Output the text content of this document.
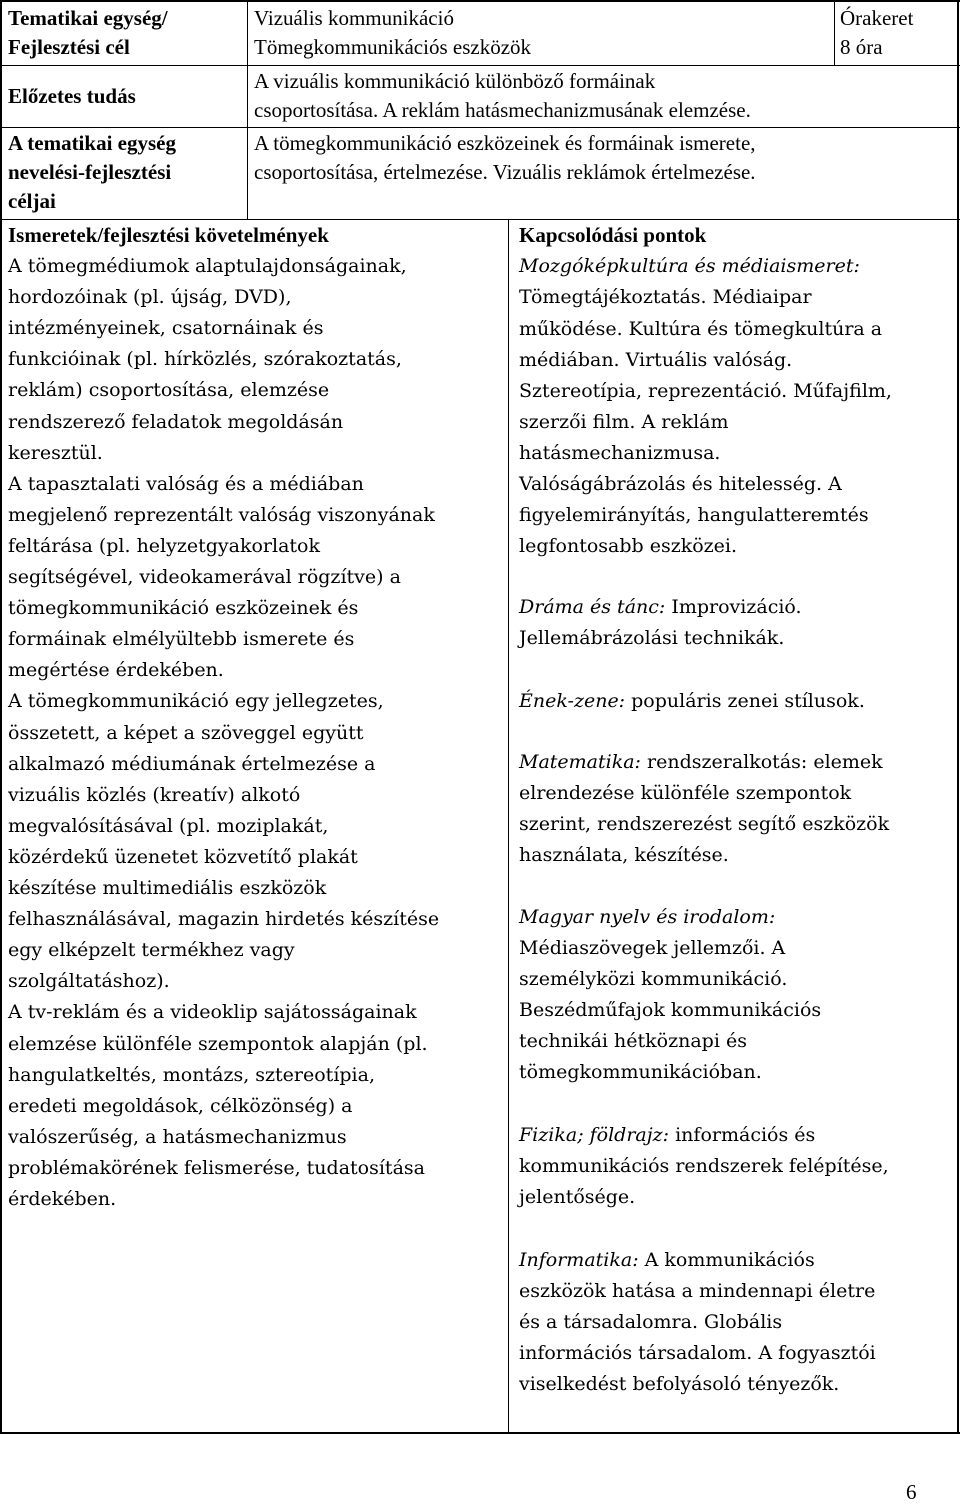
Tematikai egység/
Fejlesztési cél
Vizuális kommunikáció
Tömegkommunikációs eszközök
Órakeret
8 óra
Előzetes tudás
A vizuális kommunikáció különböző formáinak
csoportosítása. A reklám hatásmechanizmusának elemzése.
A tematikai egység
nevelési-fejlesztési
céljai
A tömegkommunikáció eszközeinek és formáinak ismerete,
csoportosítása, értelmezése. Vizuális reklámok értelmezése.
Ismeretek/fejlesztési követelmények	Kapcsolódási pontok
A tömegmédiumok alaptulajdonságainak,
hordozóinak (pl. újság, DVD),
intézményeinek, csatornáinak és
funkcióinak (pl. hírközlés, szórakoztatás,
reklám) csoportosítása, elemzése
rendszerező feladatok megoldásán
keresztül.
A tapasztalati valóság és a médiában
megjelenő reprezentált valóság viszonyának
feltárása (pl. helyzetgyakorlatok
segítségével, videokamerával rögzítve) a
tömegkommunikáció eszközeinek és
formáinak elmélyültebb ismerete és
megértése érdekében.
A tömegkommunikáció egy jellegzetes,
összetett, a képet a szöveggel együtt
alkalmazó médiumának értelmezése a
vizuális közlés (kreatív) alkotó
megvalósításával (pl. moziplakát,
közérdekű üzenetet közvetítő plakát
készítése multimediális eszközök
felhasználásával, magazin hirdetés készítése
egy elképzelt termékhez vagy
szolgáltatáshoz).
A tv-reklám és a videoklip sajátosságainak
elemzése különféle szempontok alapján (pl.
hangulatkeltés, montázs, sztereotípia,
eredeti megoldások, célközönség) a
valószerűség, a hatásmechanizmus
problémakörének felismerése, tudatosítása
érdekében.
Mozgóképkultúra és médiaismeret:
Tömegtájékoztatás. Médiaipar
működése. Kultúra és tömegkultúra a
médiában. Virtuális valóság.
Sztereotípia, reprezentáció. Műfajfilm,
szerzői film. A reklám
hatásmechanizmusa.
Valóságábrázolás és hitelesség. A
figyelemirányítás, hangulatteremtés
legfontosabb eszközei.
Dráma és tánc: Improvizáció.
Jellemábrázolási technikák.
Ének-zene: populáris zenei stílusok.
Matematika: rendszeralkotás: elemek
elrendezése különféle szempontok
szerint, rendszerezést segítő eszközök
használata, készítése.
Magyar nyelv és irodalom:
Médiaszövegek jellemzői. A
személyközi kommunikáció.
Beszédműfajok kommunikációs
technikái hétköznapi és
tömegkommunikációban.
Fizika; földrajz: információs és
kommunikációs rendszerek felépítése,
jelentősége.
Informatika: A kommunikációs
eszközök hatása a mindennapi életre
és a társadalomra. Globális
információs társadalom. A fogyasztói
viselkedést befolyásoló tényezők.
6
